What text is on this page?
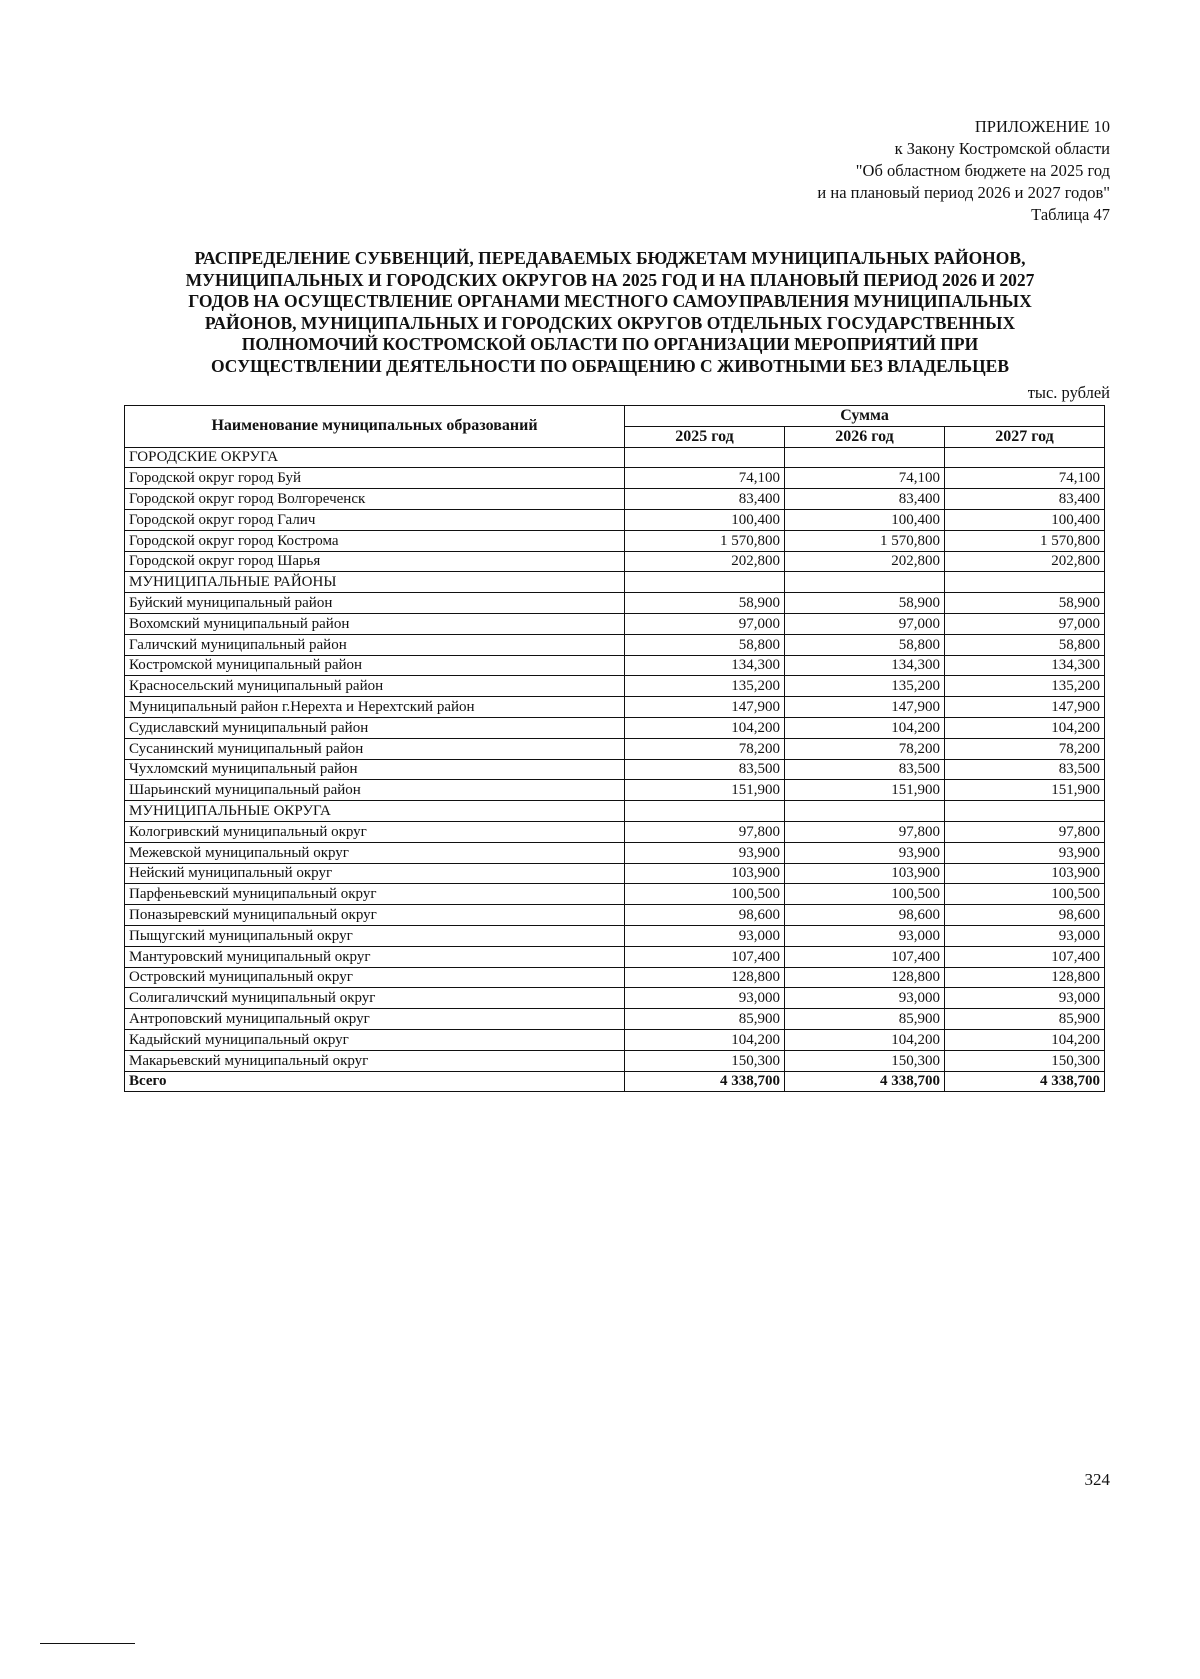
ПРИЛОЖЕНИЕ 10
к Закону Костромской области
"Об областном бюджете на 2025 год
и на плановый период 2026 и 2027 годов"
Таблица 47
РАСПРЕДЕЛЕНИЕ СУБВЕНЦИЙ, ПЕРЕДАВАЕМЫХ БЮДЖЕТАМ МУНИЦИПАЛЬНЫХ РАЙОНОВ,
МУНИЦИПАЛЬНЫХ И ГОРОДСКИХ ОКРУГОВ НА 2025 ГОД И НА ПЛАНОВЫЙ ПЕРИОД 2026 И 2027
ГОДОВ НА ОСУЩЕСТВЛЕНИЕ ОРГАНАМИ МЕСТНОГО САМОУПРАВЛЕНИЯ МУНИЦИПАЛЬНЫХ
РАЙОНОВ, МУНИЦИПАЛЬНЫХ И ГОРОДСКИХ ОКРУГОВ ОТДЕЛЬНЫХ ГОСУДАРСТВЕННЫХ
ПОЛНОМОЧИЙ КОСТРОМСКОЙ ОБЛАСТИ ПО ОРГАНИЗАЦИИ МЕРОПРИЯТИЙ ПРИ
ОСУЩЕСТВЛЕНИИ ДЕЯТЕЛЬНОСТИ ПО ОБРАЩЕНИЮ С ЖИВОТНЫМИ БЕЗ ВЛАДЕЛЬЦЕВ
тыс. рублей
Наименование муниципальных образований	Сумма		
	2025 год	2026 год	2027 год
ГОРОДСКИЕ ОКРУГА			
Городской округ город Буй	74,100	74,100	74,100
Городской округ город Волгореченск	83,400	83,400	83,400
Городской округ город Галич	100,400	100,400	100,400
Городской округ город Кострома	1 570,800	1 570,800	1 570,800
Городской округ город Шарья	202,800	202,800	202,800
МУНИЦИПАЛЬНЫЕ РАЙОНЫ			
Буйский муниципальный район	58,900	58,900	58,900
Вохомский муниципальный район	97,000	97,000	97,000
Галичский муниципальный район	58,800	58,800	58,800
Костромской муниципальный район	134,300	134,300	134,300
Красносельский муниципальный район	135,200	135,200	135,200
Муниципальный район г.Нерехта и Нерехтский район	147,900	147,900	147,900
Судиславский муниципальный район	104,200	104,200	104,200
Сусанинский муниципальный район	78,200	78,200	78,200
Чухломский муниципальный район	83,500	83,500	83,500
Шарьинский муниципальный район	151,900	151,900	151,900
МУНИЦИПАЛЬНЫЕ ОКРУГА			
Кологривский муниципальный округ	97,800	97,800	97,800
Межевской муниципальный округ	93,900	93,900	93,900
Нейский муниципальный округ	103,900	103,900	103,900
Парфеньевский муниципальный округ	100,500	100,500	100,500
Поназыревский муниципальный округ	98,600	98,600	98,600
Пыщугский муниципальный округ	93,000	93,000	93,000
Мантуровский муниципальный округ	107,400	107,400	107,400
Островский муниципальный округ	128,800	128,800	128,800
Солигаличский муниципальный округ	93,000	93,000	93,000
Антроповский муниципальный округ	85,900	85,900	85,900
Кадыйский муниципальный округ	104,200	104,200	104,200
Макарьевский муниципальный округ	150,300	150,300	150,300
Всего	4 338,700	4 338,700	4 338,700
324
